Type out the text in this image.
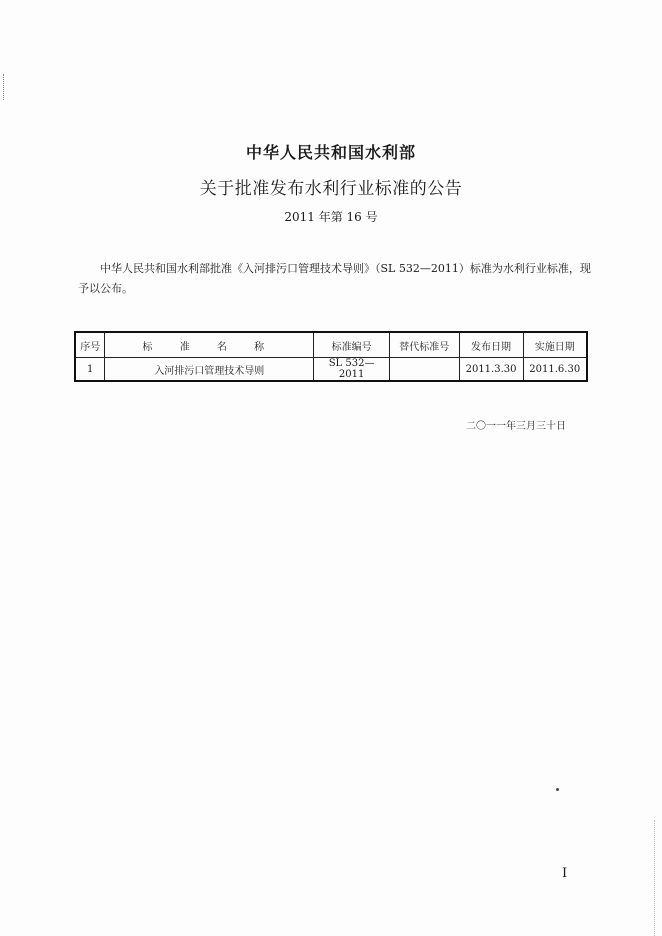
中华人民共和国水利部
关于批准发布水利行业标准的公告
2011 年第 16 号
中华人民共和国水利部批准《入河排污口管理技术导则》（SL 532—2011）标准为水利行业标准，现予以公布。
序号	标 准 名 称	标准编号	替代标准号	发布日期	实施日期
1	入河排污口管理技术导则	SL 532—2011		2011.3.30	2011.6.30
二〇一一年三月三十日
I
